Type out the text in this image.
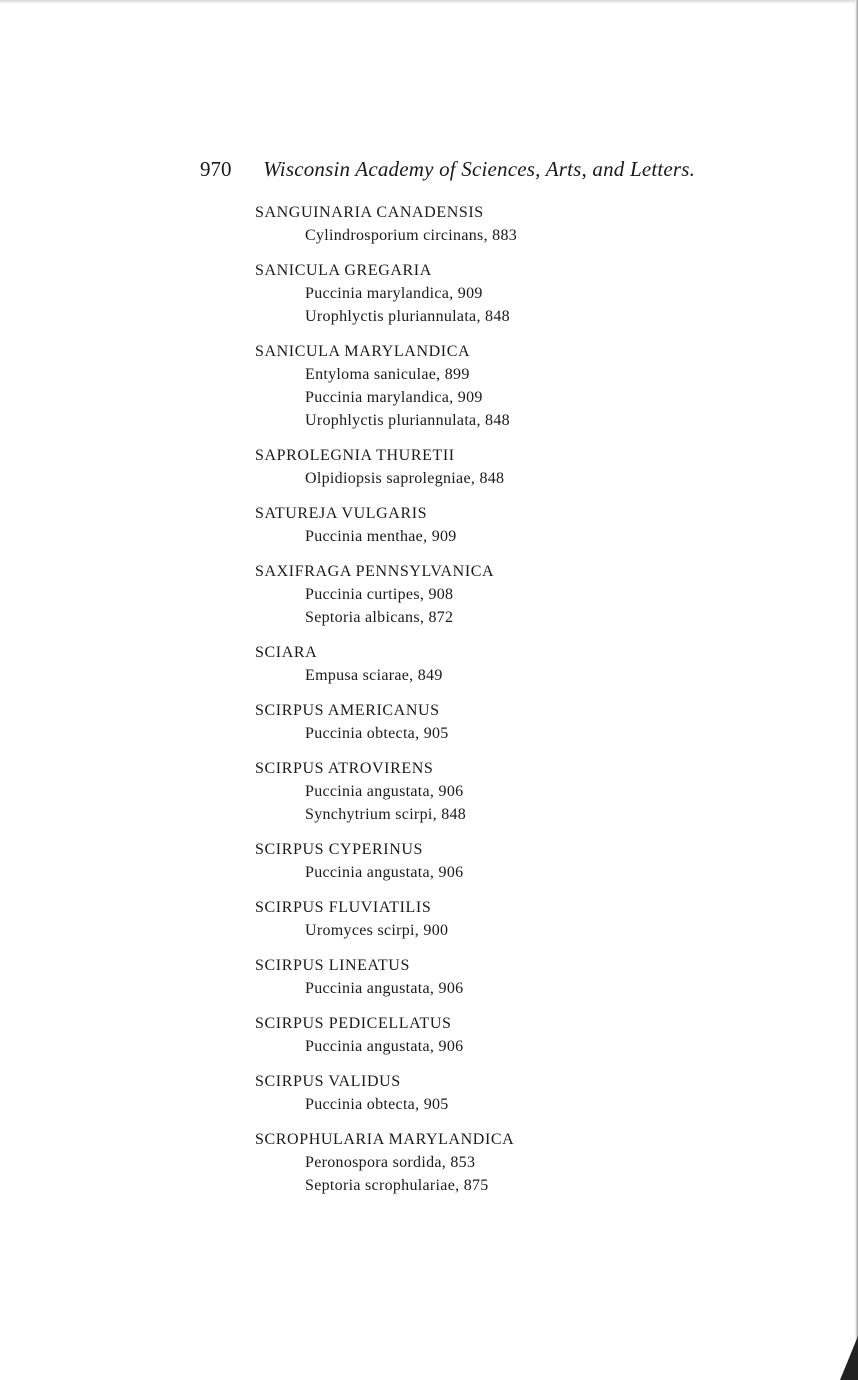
970 Wisconsin Academy of Sciences, Arts, and Letters.
SANGUINARIA CANADENSIS
Cylindrosporium circinans, 883
SANICULA GREGARIA
Puccinia marylandica, 909
Urophlyctis pluriannulata, 848
SANICULA MARYLANDICA
Entyloma saniculae, 899
Puccinia marylandica, 909
Urophlyctis pluriannulata, 848
SAPROLEGNIA THURETII
Olpidiopsis saprolegniae, 848
SATUREJA VULGARIS
Puccinia menthae, 909
SAXIFRAGA PENNSYLVANICA
Puccinia curtipes, 908
Septoria albicans, 872
SCIARA
Empusa sciarae, 849
SCIRPUS AMERICANUS
Puccinia obtecta, 905
SCIRPUS ATROVIRENS
Puccinia angustata, 906
Synchytrium scirpi, 848
SCIRPUS CYPERINUS
Puccinia angustata, 906
SCIRPUS FLUVIATILIS
Uromyces scirpi, 900
SCIRPUS LINEATUS
Puccinia angustata, 906
SCIRPUS PEDICELLATUS
Puccinia angustata, 906
SCIRPUS VALIDUS
Puccinia obtecta, 905
SCROPHULARIA MARYLANDICA
Peronospora sordida, 853
Septoria scrophulariae, 875
